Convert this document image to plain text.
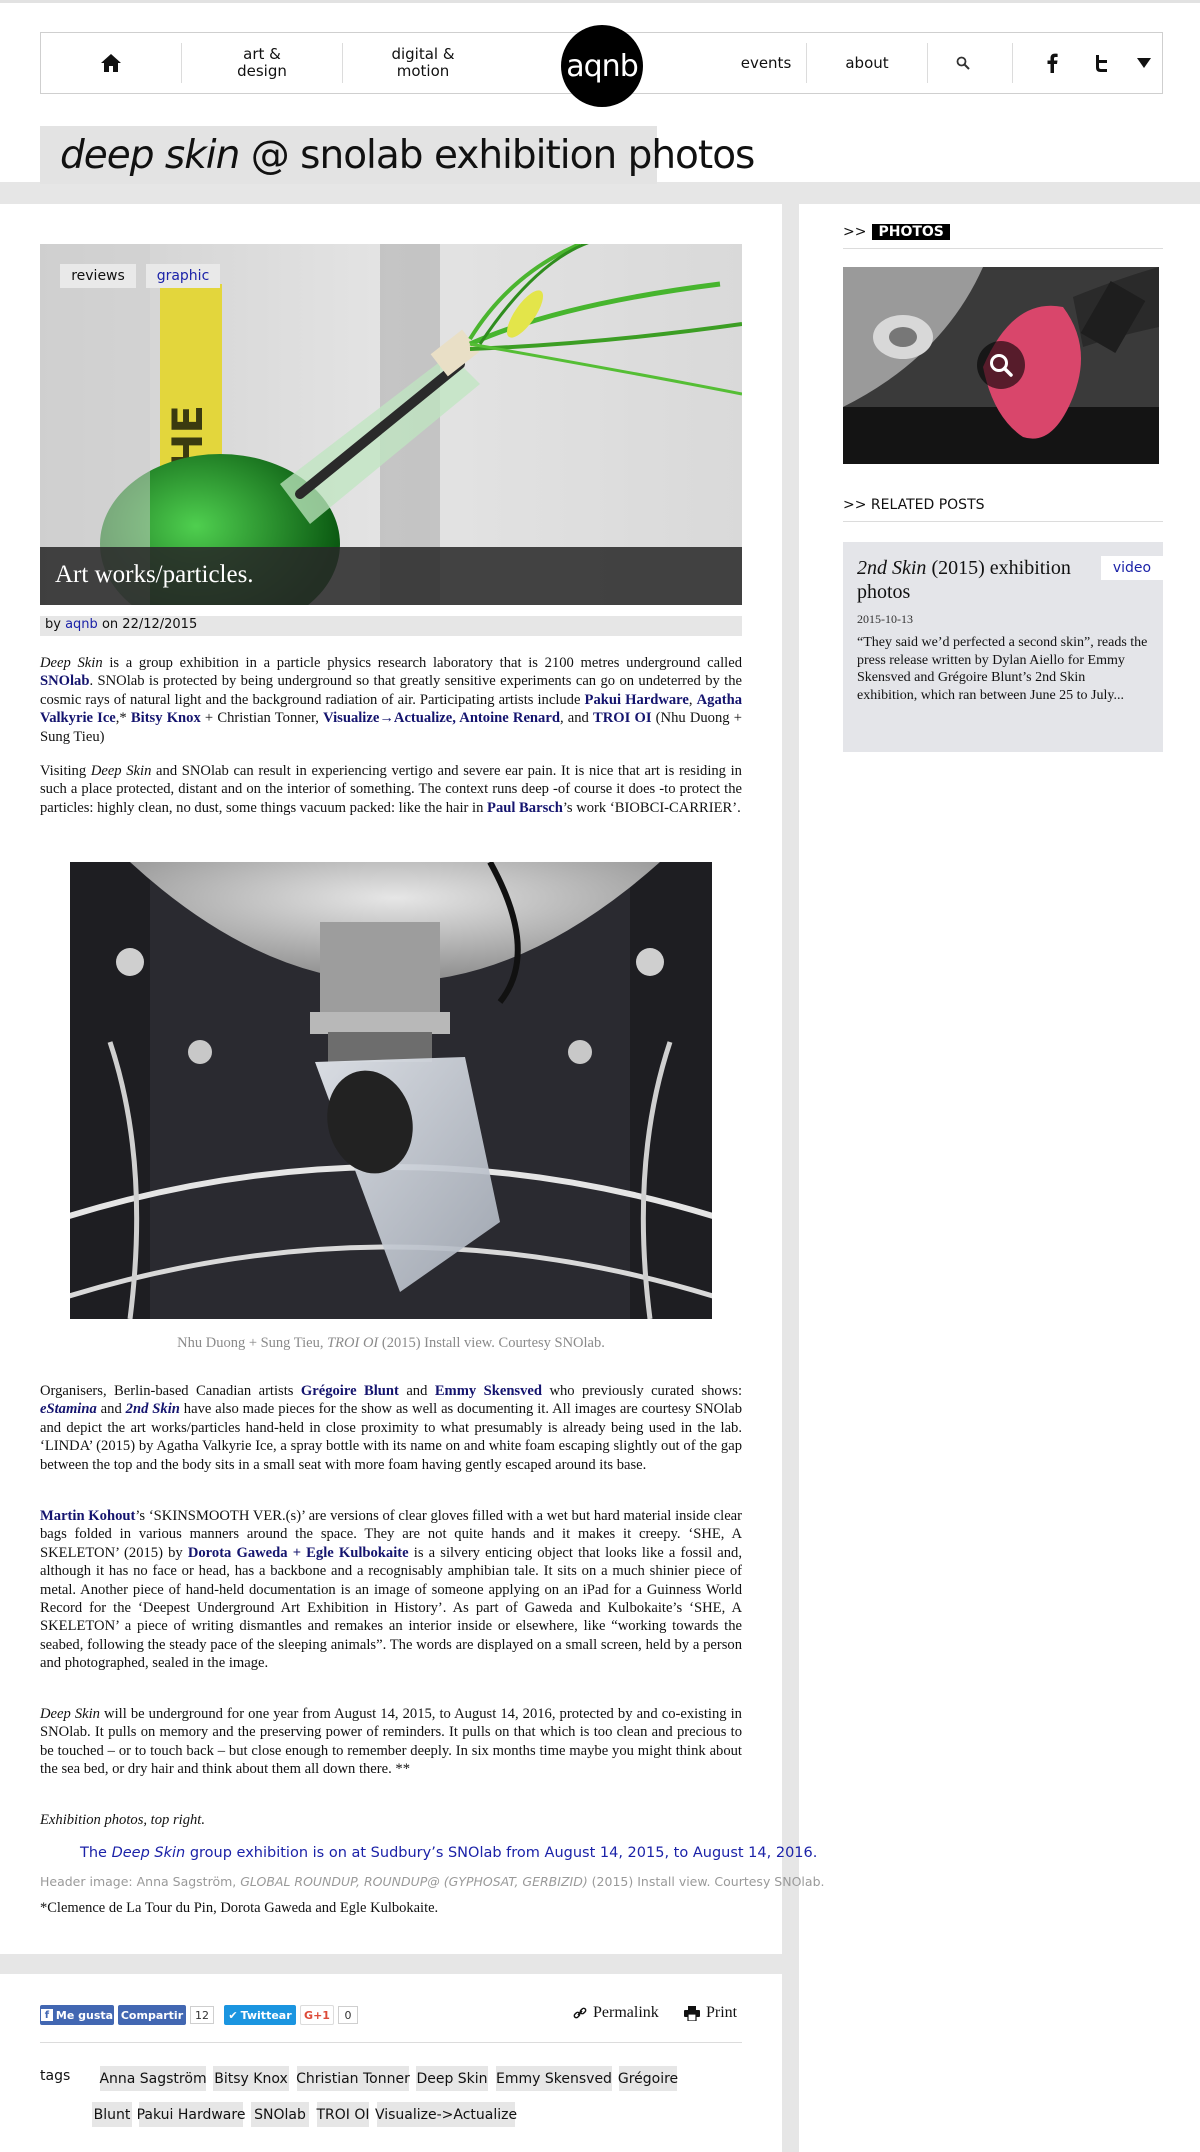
art &
design
digital &
motion	aqnb	events	about
deep skin @ snolab exhibition photos
reviews	graphic
Art works/particles.
by aqnb on 22/12/2015

Deep Skin is a group exhibition in a particle physics research laboratory that is 2100 metres underground called SNOlab. SNOlab is protected by being underground so that greatly sensitive experiments can go on undeterred by the cosmic rays of natural light and the background radiation of air. Participating artists include Pakui Hardware, Agatha Valkyrie Ice,* Bitsy Knox + Christian Tonner, Visualize→Actualize, Antoine Renard, and TROI OI (Nhu Duong + Sung Tieu)

Visiting Deep Skin and SNOlab can result in experiencing vertigo and severe ear pain. It is nice that art is residing in such a place protected, distant and on the interior of something. The context runs deep -of course it does -to protect the particles: highly clean, no dust, some things vacuum packed: like the hair in Paul Barsch’s work ‘BIOBCI-CARRIER’.

Nhu Duong + Sung Tieu, TROI OI (2015) Install view. Courtesy SNOlab.

Organisers, Berlin-based Canadian artists Grégoire Blunt and Emmy Skensved who previously curated shows: eStamina and 2nd Skin have also made pieces for the show as well as documenting it. All images are courtesy SNOlab and depict the art works/particles hand-held in close proximity to what presumably is already being used in the lab. ‘LINDA’ (2015) by Agatha Valkyrie Ice, a spray bottle with its name on and white foam escaping slightly out of the gap between the top and the body sits in a small seat with more foam having gently escaped around its base.

Martin Kohout’s ‘SKINSMOOTH VER.(s)’ are versions of clear gloves filled with a wet but hard material inside clear bags folded in various manners around the space. They are not quite hands and it makes it creepy. ‘SHE, A SKELETON’ (2015) by Dorota Gaweda + Egle Kulbokaite is a silvery enticing object that looks like a fossil and, although it has no face or head, has a backbone and a recognisably amphibian tale. It sits on a much shinier piece of metal. Another piece of hand-held documentation is an image of someone applying on an iPad for a Guinness World Record for the ‘Deepest Underground Art Exhibition in History’. As part of Gaweda and Kulbokaite’s ‘SHE, A SKELETON’ a piece of writing dismantles and remakes an interior inside or elsewhere, like “working towards the seabed, following the steady pace of the sleeping animals”. The words are displayed on a small screen, held by a person and photographed, sealed in the image.

Deep Skin will be underground for one year from August 14, 2015, to August 14, 2016, protected by and co-existing in SNOlab. It pulls on memory and the preserving power of reminders. It pulls on that which is too clean and precious to be touched – or to touch back – but close enough to remember deeply. In six months time maybe you might think about the sea bed, or dry hair and think about them all down there. **

Exhibition photos, top right.

The Deep Skin group exhibition is on at Sudbury’s SNOlab from August 14, 2015, to August 14, 2016.

Header image: Anna Sagström, GLOBAL ROUNDUP, ROUNDUP@ (GYPHOSAT, GERBIZID) (2015) Install view. Courtesy SNOlab.

*Clemence de La Tour du Pin, Dorota Gaweda and Egle Kulbokaite.

f Me gusta Compartir	12	✔ Twittear	G+1	0	Permalink	Print
tags Anna Sagström Bitsy Knox Christian Tonner Deep Skin Emmy Skensved Grégoire
Blunt Pakui Hardware SNOlab TROI OI Visualize->Actualize
>> PHOTOS
>> RELATED POSTS
2nd Skin (2015) exhibition photos
2015-10-13
“They said we’d perfected a second skin”, reads the press release written by Dylan Aiello for Emmy Skensved and Grégoire Blunt’s 2nd Skin exhibition, which ran between June 25 to July...
video
